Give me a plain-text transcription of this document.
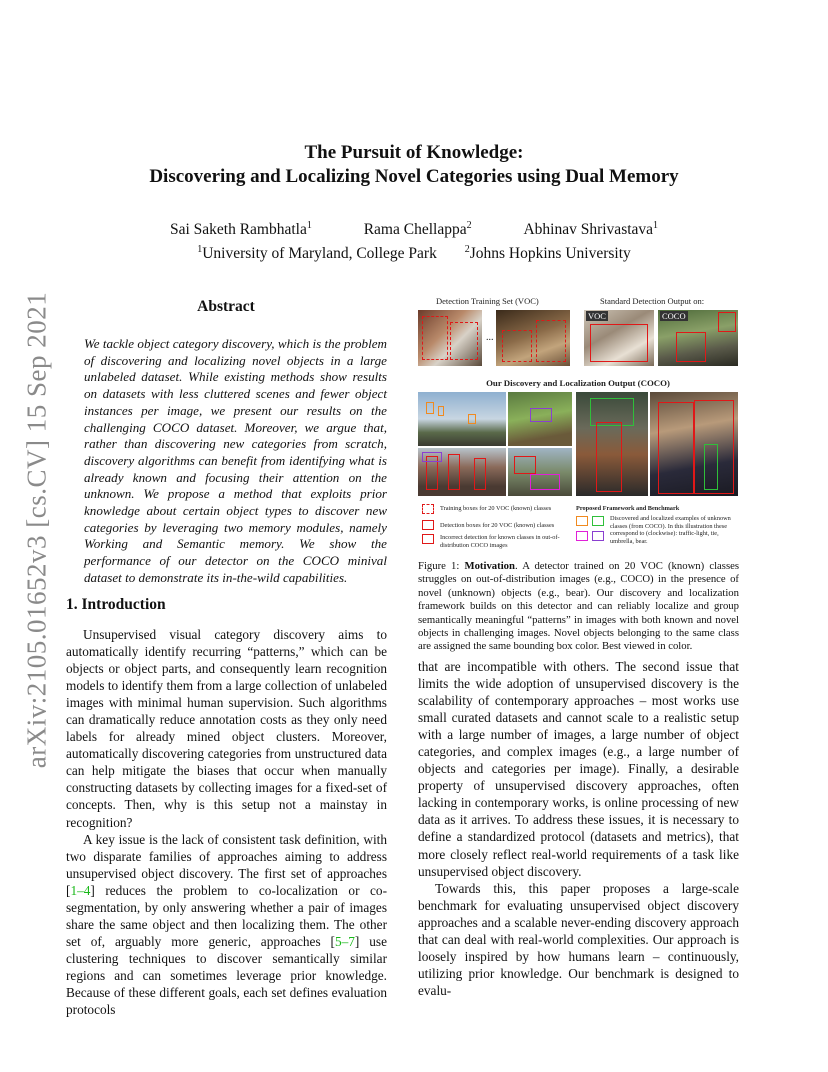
The Pursuit of Knowledge:
Discovering and Localizing Novel Categories using Dual Memory
Sai Saketh Rambhatla$^1$	Rama Chellappa$^2$	Abhinav Shrivastava$^1$
$^1$University of Maryland, College Park	$^2$Johns Hopkins University
arXiv:2105.01652v3 [cs.CV] 15 Sep 2021	Abstract
We tackle object category discovery, which is the problem of discovering and localizing novel objects in a large unlabeled dataset. While existing methods show results on datasets with less cluttered scenes and fewer object instances per image, we present our results on the challenging COCO dataset. Moreover, we argue that, rather than discovering new categories from scratch, discovery algorithms can benefit from identifying what is already known and focusing their attention on the unknown. We propose a method that exploits prior knowledge about certain object types to discover new categories by leveraging two memory modules, namely Working and Semantic memory. We show the performance of our detector on the COCO minival dataset to demonstrate its in-the-wild capabilities.
1. Introduction

Unsupervised visual category discovery aims to automatically identify recurring “patterns,” which can be objects or object parts, and consequently learn recognition models to identify them from a large collection of unlabeled images with minimal human supervision. Such algorithms can dramatically reduce annotation costs as they only need labels for already mined object clusters. Moreover, automatically discovering categories from unstructured data can help mitigate the biases that occur when manually constructing datasets by collecting images for a fixed-set of concepts. Then, why is this setup not a mainstay in recognition?

A key issue is the lack of consistent task definition, with two disparate families of approaches aiming to address unsupervised object discovery. The first set of approaches [1–4] reduces the problem to co-localization or co-segmentation, by only answering whether a pair of images share the same object and then localizing them. The other set of, arguably more generic, approaches [5–7] use clustering techniques to discover semantically similar regions and can sometimes leverage prior knowledge. Because of these different goals, each set defines evaluation protocols

that are incompatible with others. The second issue that limits the wide adoption of unsupervised discovery is the scalability of contemporary approaches – most works use small curated datasets and cannot scale to a realistic setup with a large number of images, a large number of object categories, and complex images (e.g., a large number of objects and categories per image). Finally, a desirable property of unsupervised discovery approaches, often lacking in contemporary works, is online processing of new data as it arrives. To address these issues, it is necessary to define a standardized protocol (datasets and metrics), that more closely reflect real-world requirements of a task like unsupervised object discovery.

Towards this, this paper proposes a large-scale benchmark for evaluating unsupervised object discovery approaches and a scalable never-ending discovery approach that can deal with real-world complexities. Our approach is loosely inspired by how humans learn – continuously, utilizing prior knowledge. Our benchmark is designed to evalu-

Detection Training Set (VOC)	Standard Detection Output on:
...
VOC	COCO
Our Discovery and Localization Output (COCO)
Training boxes for 20 VOC (known) classes
Detection boxes for 20 VOC (known) classes
Incorrect detection for known classes in out-of-distribution COCO images
Proposed Framework and Benchmark
Discovered and localized examples of unknown classes (from COCO). In this illustration these correspond to (clockwise): traffic-light, tie, umbrella, bear.
Figure 1: Motivation. A detector trained on 20 VOC (known) classes struggles on out-of-distribution images (e.g., COCO) in the presence of novel (unknown) objects (e.g., bear). Our discovery and localization framework builds on this detector and can reliably localize and group semantically meaningful “patterns” in images with both known and novel objects in challenging images. Novel objects belonging to the same class are assigned the same bounding box color. Best viewed in color.
